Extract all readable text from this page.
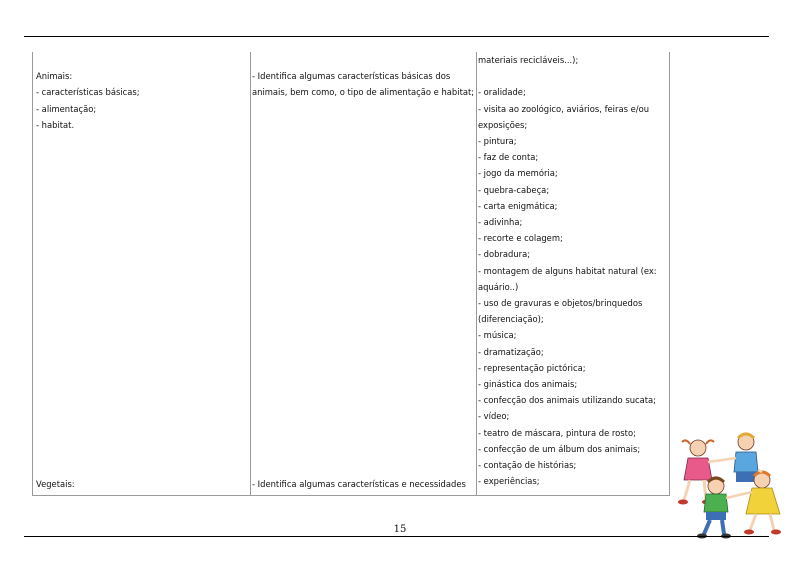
Animais:
- características básicas;
- alimentação;
- habitat.
Vegetais:
- Identifica algumas características básicas dos
animais, bem como, o tipo de alimentação e habitat;
- Identifica algumas características e necessidades
materiais recicláveis...);
- oralidade;
- visita ao zoológico, aviários, feiras e/ou
exposições;
- pintura;
- faz de conta;
- jogo da memória;
- quebra-cabeça;
- carta enigmática;
- adivinha;
- recorte e colagem;
- dobradura;
- montagem de alguns habitat natural (ex:
aquário..)
- uso de gravuras e objetos/brinquedos
(diferenciação);
- música;
- dramatização;
- representação pictórica;
- ginástica dos animais;
- confecção dos animais utilizando sucata;
- vídeo;
- teatro de máscara, pintura de rosto;
- confecção de um álbum dos animais;
- contação de histórias;
- experiências;
15
